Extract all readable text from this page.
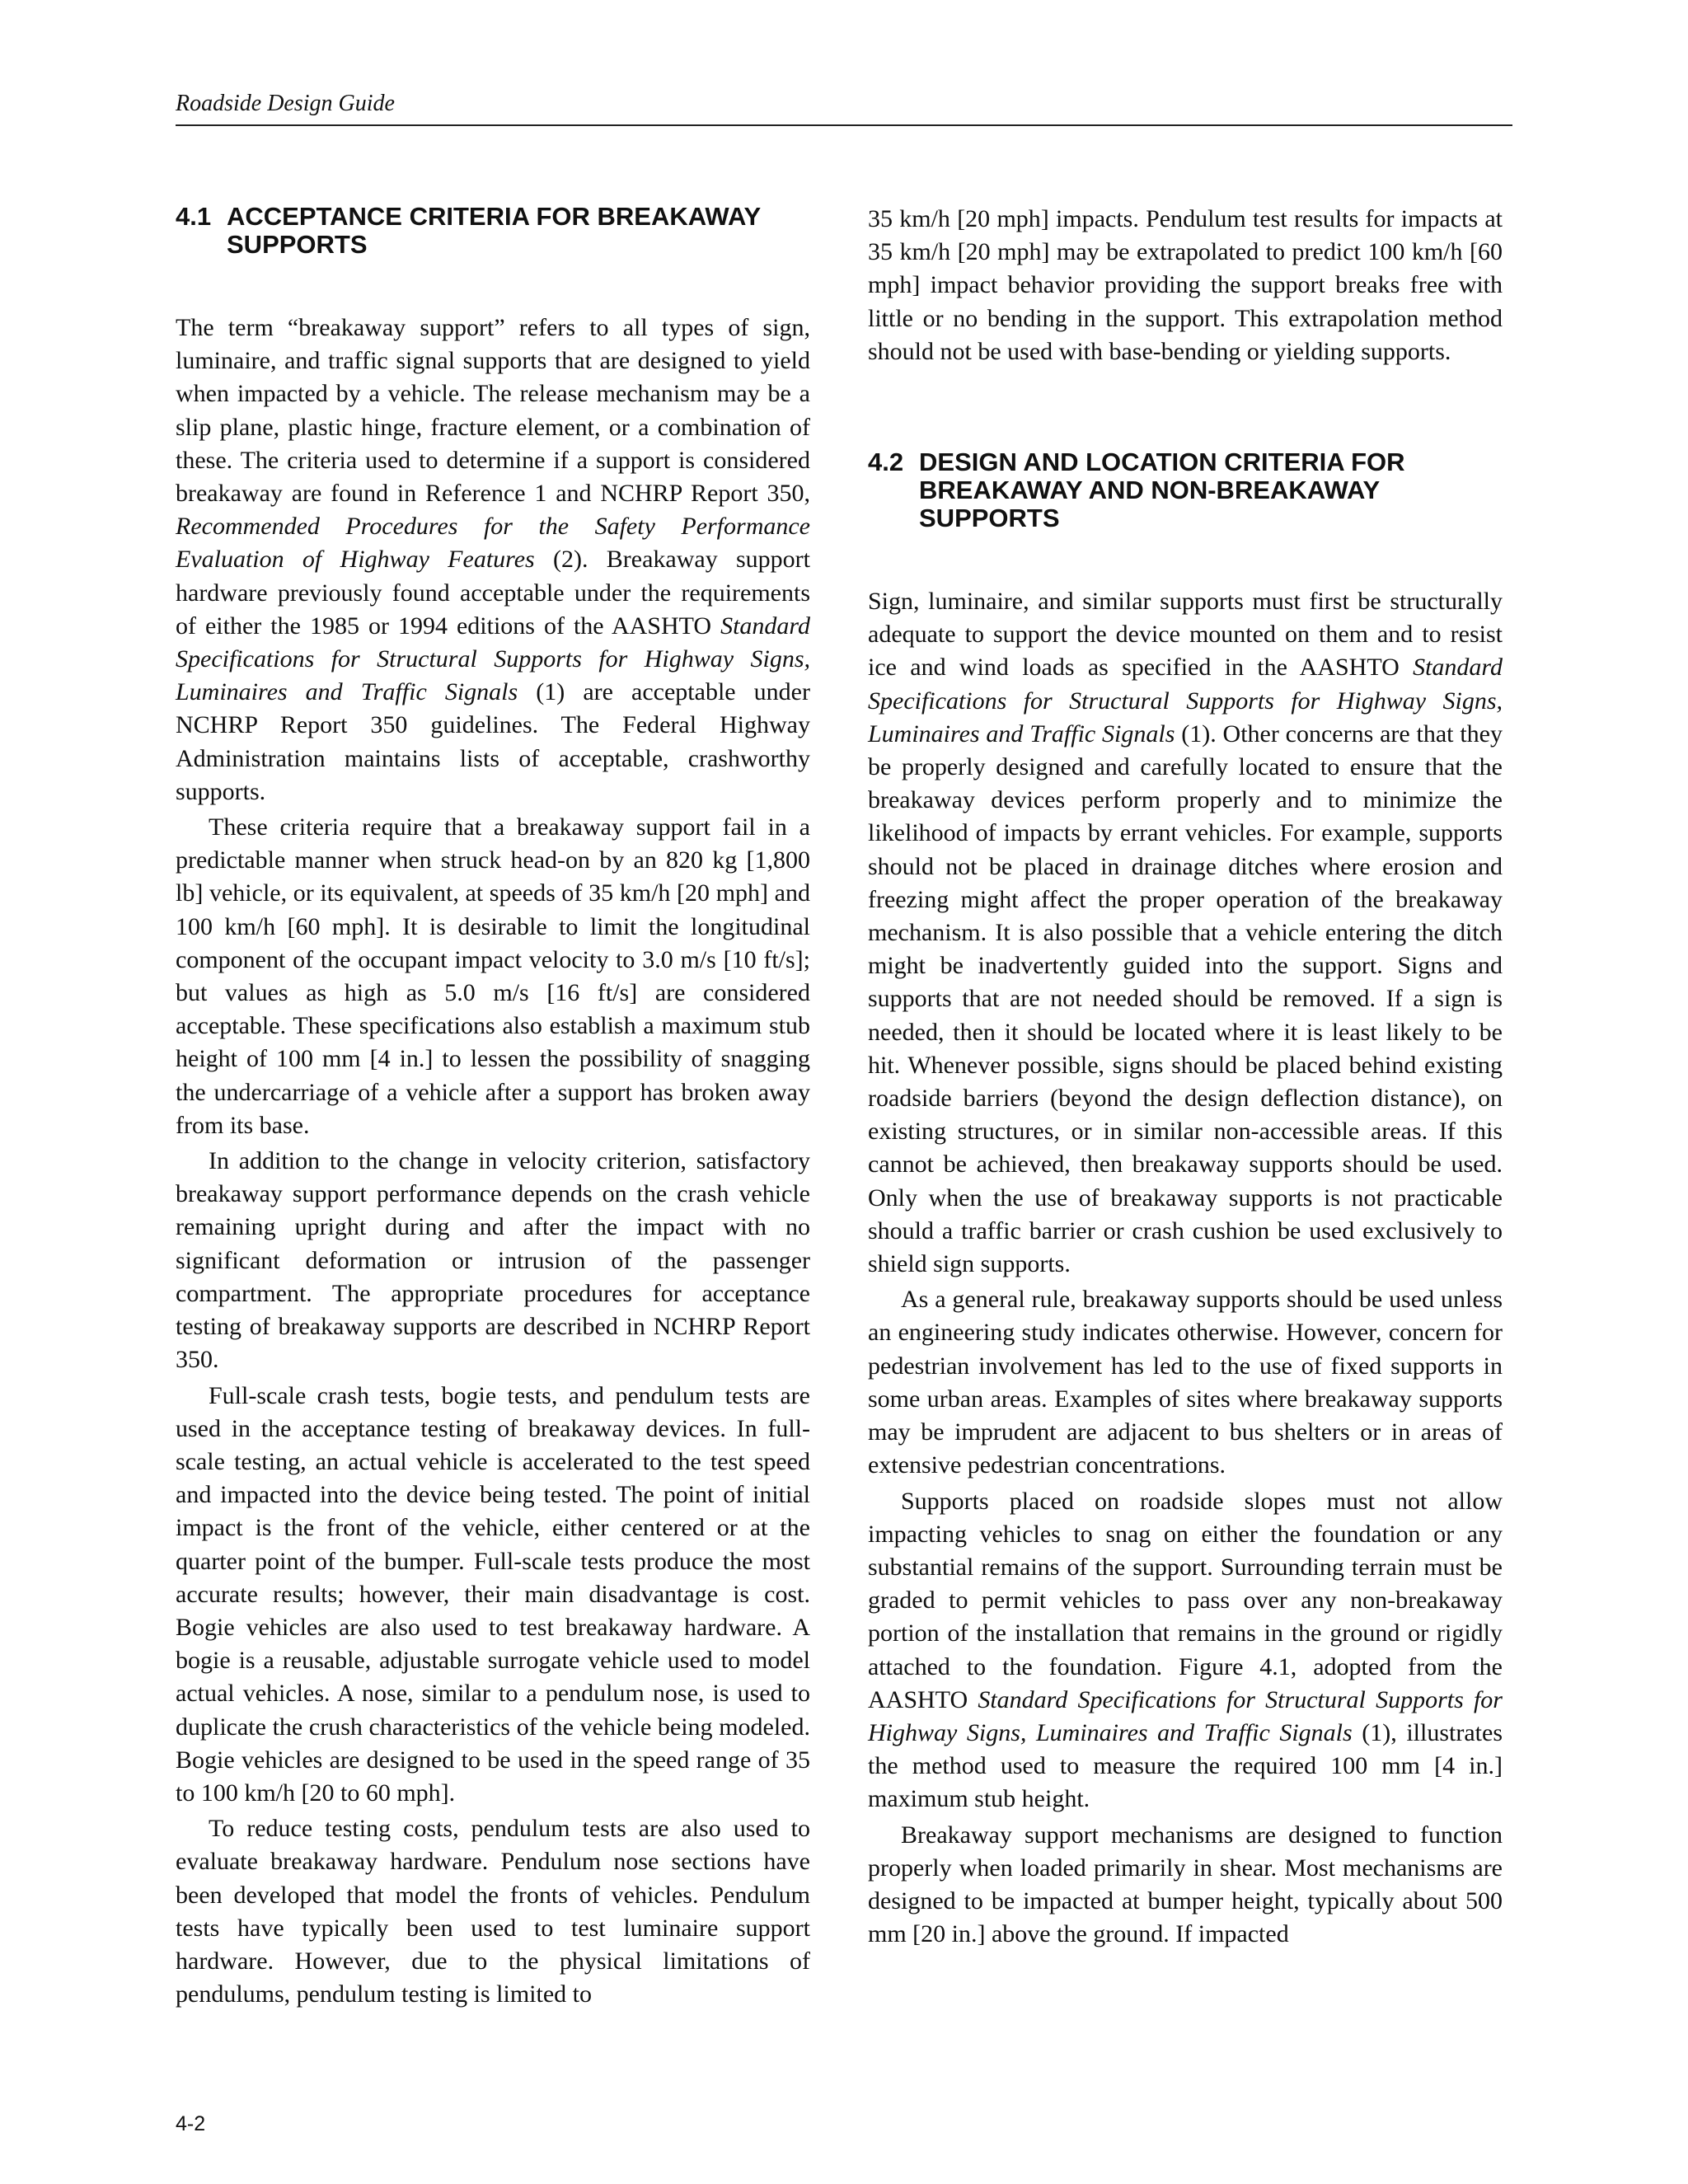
Roadside Design Guide
4.1 ACCEPTANCE CRITERIA FOR BREAKAWAY SUPPORTS

The term “breakaway support” refers to all types of sign, luminaire, and traffic signal supports that are designed to yield when impacted by a vehicle. The release mechanism may be a slip plane, plastic hinge, fracture element, or a combination of these. The criteria used to determine if a support is considered breakaway are found in Reference 1 and NCHRP Report 350, Recommended Procedures for the Safety Performance Evaluation of Highway Features (2). Breakaway support hardware previously found acceptable under the requirements of either the 1985 or 1994 editions of the AASHTO Standard Specifications for Structural Supports for Highway Signs, Luminaires and Traffic Signals (1) are acceptable under NCHRP Report 350 guidelines. The Federal Highway Administration maintains lists of acceptable, crashworthy supports.

These criteria require that a breakaway support fail in a predictable manner when struck head-on by an 820 kg [1,800 lb] vehicle, or its equivalent, at speeds of 35 km/h [20 mph] and 100 km/h [60 mph]. It is desirable to limit the longitudinal component of the occupant impact velocity to 3.0 m/s [10 ft/s]; but values as high as 5.0 m/s [16 ft/s] are considered acceptable. These specifications also establish a maximum stub height of 100 mm [4 in.] to lessen the possibility of snagging the undercarriage of a vehicle after a support has broken away from its base.

In addition to the change in velocity criterion, satisfactory breakaway support performance depends on the crash vehicle remaining upright during and after the impact with no significant deformation or intrusion of the passenger compartment. The appropriate procedures for acceptance testing of breakaway supports are described in NCHRP Report 350.

Full-scale crash tests, bogie tests, and pendulum tests are used in the acceptance testing of breakaway devices. In full-scale testing, an actual vehicle is accelerated to the test speed and impacted into the device being tested. The point of initial impact is the front of the vehicle, either centered or at the quarter point of the bumper. Full-scale tests produce the most accurate results; however, their main disadvantage is cost. Bogie vehicles are also used to test breakaway hardware. A bogie is a reusable, adjustable surrogate vehicle used to model actual vehicles. A nose, similar to a pendulum nose, is used to duplicate the crush characteristics of the vehicle being modeled. Bogie vehicles are designed to be used in the speed range of 35 to 100 km/h [20 to 60 mph].

To reduce testing costs, pendulum tests are also used to evaluate breakaway hardware. Pendulum nose sections have been developed that model the fronts of vehicles. Pendulum tests have typically been used to test luminaire support hardware. However, due to the physical limitations of pendulums, pendulum testing is limited to

35 km/h [20 mph] impacts. Pendulum test results for impacts at 35 km/h [20 mph] may be extrapolated to predict 100 km/h [60 mph] impact behavior providing the support breaks free with little or no bending in the support. This extrapolation method should not be used with base-bending or yielding supports.

4.2 DESIGN AND LOCATION CRITERIA FOR BREAKAWAY AND NON-BREAKAWAY SUPPORTS

Sign, luminaire, and similar supports must first be structurally adequate to support the device mounted on them and to resist ice and wind loads as specified in the AASHTO Standard Specifications for Structural Supports for Highway Signs, Luminaires and Traffic Signals (1). Other concerns are that they be properly designed and carefully located to ensure that the breakaway devices perform properly and to minimize the likelihood of impacts by errant vehicles. For example, supports should not be placed in drainage ditches where erosion and freezing might affect the proper operation of the breakaway mechanism. It is also possible that a vehicle entering the ditch might be inadvertently guided into the support. Signs and supports that are not needed should be removed. If a sign is needed, then it should be located where it is least likely to be hit. Whenever possible, signs should be placed behind existing roadside barriers (beyond the design deflection distance), on existing structures, or in similar non-accessible areas. If this cannot be achieved, then breakaway supports should be used. Only when the use of breakaway supports is not practicable should a traffic barrier or crash cushion be used exclusively to shield sign supports.

As a general rule, breakaway supports should be used unless an engineering study indicates otherwise. However, concern for pedestrian involvement has led to the use of fixed supports in some urban areas. Examples of sites where breakaway supports may be imprudent are adjacent to bus shelters or in areas of extensive pedestrian concentrations.

Supports placed on roadside slopes must not allow impacting vehicles to snag on either the foundation or any substantial remains of the support. Surrounding terrain must be graded to permit vehicles to pass over any non-breakaway portion of the installation that remains in the ground or rigidly attached to the foundation. Figure 4.1, adopted from the AASHTO Standard Specifications for Structural Supports for Highway Signs, Luminaires and Traffic Signals (1), illustrates the method used to measure the required 100 mm [4 in.] maximum stub height.

Breakaway support mechanisms are designed to function properly when loaded primarily in shear. Most mechanisms are designed to be impacted at bumper height, typically about 500 mm [20 in.] above the ground. If impacted

4-2
